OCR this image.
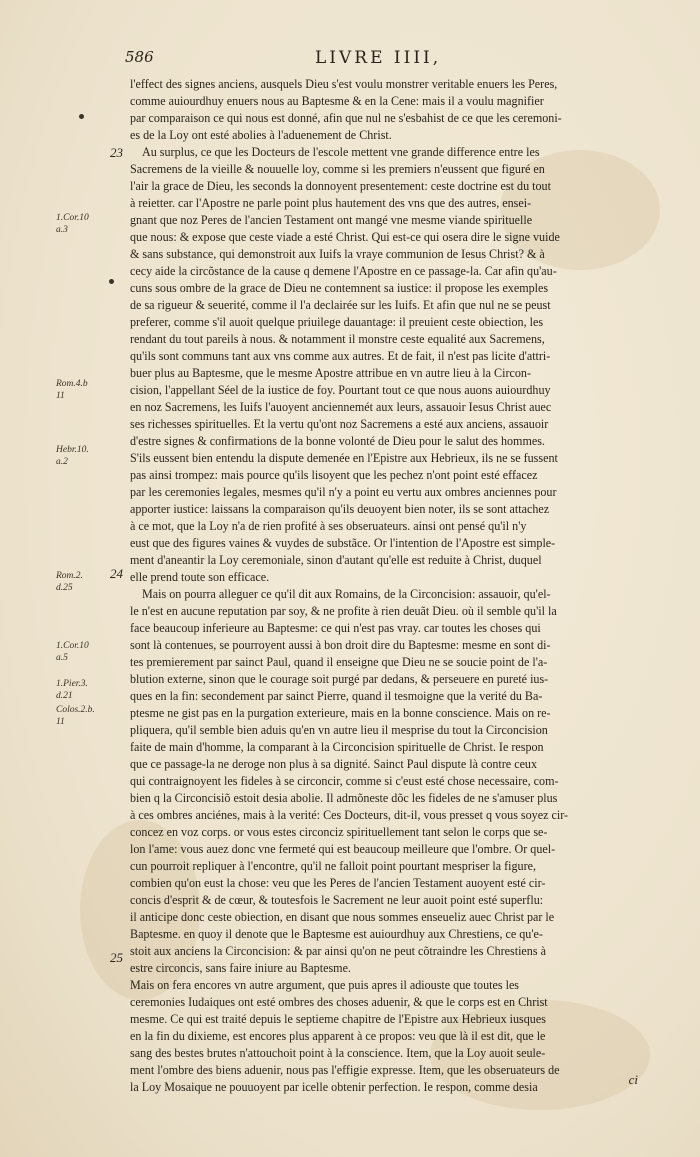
586	LIVRE IIII,
23
24
25
1.Cor.10
a.3
Rom.4.b
11
Hebr.10.
a.2
Rom.2.
d.25
1.Cor.10
a.5
1.Pier.3.
d.21
Colos.2.b.
11
l'effect des signes anciens, ausquels Dieu s'est voulu monstrer veritable enuers les Peres,
comme auiourdhuy enuers nous au Baptesme & en la Cene: mais il a voulu magnifier
par comparaison ce qui nous est donné, afin que nul ne s'esbahist de ce que les ceremoni-
es de la Loy ont esté abolies à l'aduenement de Christ.
Au surplus, ce que les Docteurs de l'escole mettent vne grande difference entre les
Sacremens de la vieille & nouuelle loy, comme si les premiers n'eussent que figuré en
l'air la grace de Dieu, les seconds la donnoyent presentement: ceste doctrine est du tout
à reietter. car l'Apostre ne parle point plus hautement des vns que des autres, ensei-
gnant que noz Peres de l'ancien Testament ont mangé vne mesme viande spirituelle
que nous: & expose que ceste viade a esté Christ. Qui est-ce qui osera dire le signe vuide
& sans substance, qui demonstroit aux Iuifs la vraye communion de Iesus Christ? & à
cecy aide la circõstance de la cause q demene l'Apostre en ce passage-la. Car afin qu'au-
cuns sous ombre de la grace de Dieu ne contemnent sa iustice: il propose les exemples
de sa rigueur & seuerité, comme il l'a declairée sur les Iuifs. Et afin que nul ne se peust
preferer, comme s'il auoit quelque priuilege dauantage: il preuient ceste obiection, les
rendant du tout pareils à nous. & notamment il monstre ceste equalité aux Sacremens,
qu'ils sont communs tant aux vns comme aux autres. Et de fait, il n'est pas licite d'attri-
buer plus au Baptesme, que le mesme Apostre attribue en vn autre lieu à la Circon-
cision, l'appellant Séel de la iustice de foy. Pourtant tout ce que nous auons auiourdhuy
en noz Sacremens, les Iuifs l'auoyent anciennemét aux leurs, assauoir Iesus Christ auec
ses richesses spirituelles. Et la vertu qu'ont noz Sacremens a esté aux anciens, assauoir
d'estre signes & confirmations de la bonne volonté de Dieu pour le salut des hommes.
S'ils eussent bien entendu la dispute demenée en l'Epistre aux Hebrieux, ils ne se fussent
pas ainsi trompez: mais pource qu'ils lisoyent que les pechez n'ont point esté effacez
par les ceremonies legales, mesmes qu'il n'y a point eu vertu aux ombres anciennes pour
apporter iustice: laissans la comparaison qu'ils deuoyent bien noter, ils se sont attachez
à ce mot, que la Loy n'a de rien profité à ses obseruateurs. ainsi ont pensé qu'il n'y
eust que des figures vaines & vuydes de substãce. Or l'intention de l'Apostre est simple-
ment d'aneantir la Loy ceremoniale, sinon d'autant qu'elle est reduite à Christ, duquel
elle prend toute son efficace.
Mais on pourra alleguer ce qu'il dit aux Romains, de la Circoncision: assauoir, qu'el-
le n'est en aucune reputation par soy, & ne profite à rien deuãt Dieu. où il semble qu'il la
face beaucoup inferieure au Baptesme: ce qui n'est pas vray. car toutes les choses qui
sont là contenues, se pourroyent aussi à bon droit dire du Baptesme: mesme en sont di-
tes premierement par sainct Paul, quand il enseigne que Dieu ne se soucie point de l'a-
blution externe, sinon que le courage soit purgé par dedans, & perseuere en pureté ius-
ques en la fin: secondement par sainct Pierre, quand il tesmoigne que la verité du Ba-
ptesme ne gist pas en la purgation exterieure, mais en la bonne conscience. Mais on re-
pliquera, qu'il semble bien aduis qu'en vn autre lieu il mesprise du tout la Circoncision
faite de main d'homme, la comparant à la Circoncision spirituelle de Christ. Ie respon
que ce passage-la ne deroge non plus à sa dignité. Sainct Paul dispute là contre ceux
qui contraignoyent les fideles à se circoncir, comme si c'eust esté chose necessaire, com-
bien q la Circoncisiõ estoit desia abolie. Il admõneste dõc les fideles de ne s'amuser plus
à ces ombres anciénes, mais à la verité: Ces Docteurs, dit-il, vous presset q vous soyez cir-
concez en voz corps. or vous estes circonciz spirituellement tant selon le corps que se-
lon l'ame: vous auez donc vne fermeté qui est beaucoup meilleure que l'ombre. Or quel-
cun pourroit repliquer à l'encontre, qu'il ne falloit point pourtant mespriser la figure,
combien qu'on eust la chose: veu que les Peres de l'ancien Testament auoyent esté cir-
concis d'esprit & de cœur, & toutesfois le Sacrement ne leur auoit point esté superflu:
il anticipe donc ceste obiection, en disant que nous sommes enseueliz auec Christ par le
Baptesme. en quoy il denote que le Baptesme est auiourdhuy aux Chrestiens, ce qu'e-
stoit aux anciens la Circoncision: & par ainsi qu'on ne peut cõtraindre les Chrestiens à
estre circoncis, sans faire iniure au Baptesme.
Mais on fera encores vn autre argument, que puis apres il adiouste que toutes les
ceremonies Iudaiques ont esté ombres des choses aduenir, & que le corps est en Christ
mesme. Ce qui est traité depuis le septieme chapitre de l'Epistre aux Hebrieux iusques
en la fin du dixieme, est encores plus apparent à ce propos: veu que là il est dit, que le
sang des bestes brutes n'attouchoit point à la conscience. Item, que la Loy auoit seule-
ment l'ombre des biens aduenir, nous pas l'effigie expresse. Item, que les obseruateurs de
la Loy Mosaique ne pouuoyent par icelle obtenir perfection. Ie respon, comme desia	ci
